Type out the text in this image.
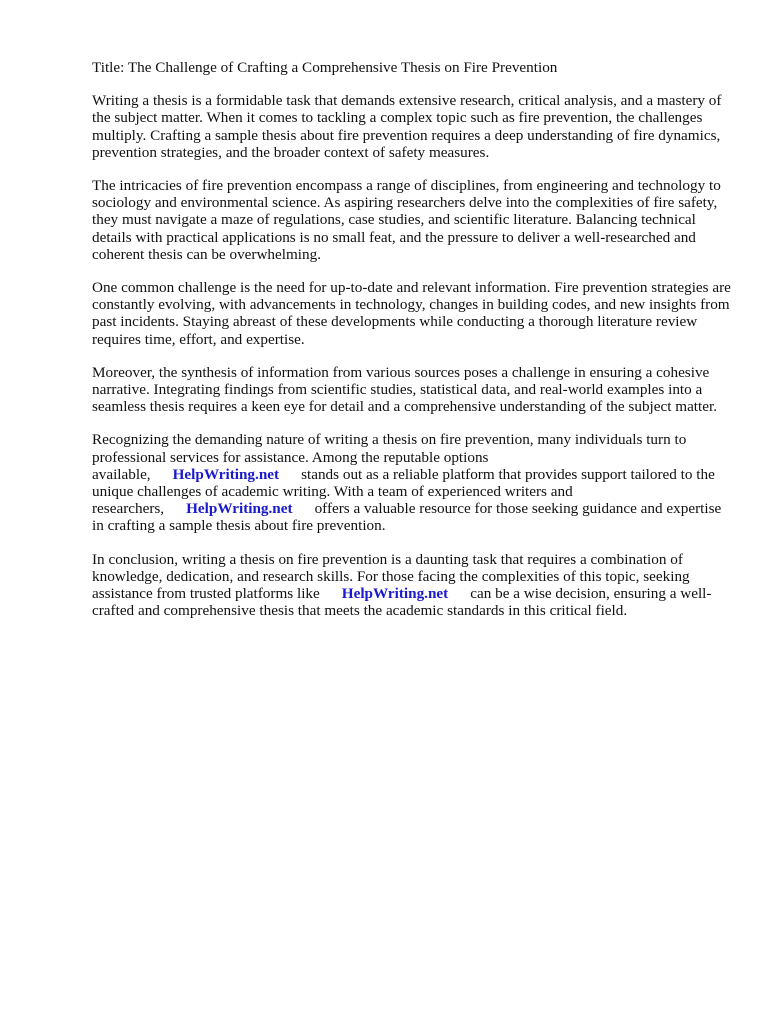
Title: The Challenge of Crafting a Comprehensive Thesis on Fire Prevention

Writing a thesis is a formidable task that demands extensive research, critical analysis, and a mastery of the subject matter. When it comes to tackling a complex topic such as fire prevention, the challenges multiply. Crafting a sample thesis about fire prevention requires a deep understanding of fire dynamics, prevention strategies, and the broader context of safety measures.

The intricacies of fire prevention encompass a range of disciplines, from engineering and technology to sociology and environmental science. As aspiring researchers delve into the complexities of fire safety, they must navigate a maze of regulations, case studies, and scientific literature. Balancing technical details with practical applications is no small feat, and the pressure to deliver a well-researched and coherent thesis can be overwhelming.

One common challenge is the need for up-to-date and relevant information. Fire prevention strategies are constantly evolving, with advancements in technology, changes in building codes, and new insights from past incidents. Staying abreast of these developments while conducting a thorough literature review requires time, effort, and expertise.

Moreover, the synthesis of information from various sources poses a challenge in ensuring a cohesive narrative. Integrating findings from scientific studies, statistical data, and real-world examples into a seamless thesis requires a keen eye for detail and a comprehensive understanding of the subject matter.

Recognizing the demanding nature of writing a thesis on fire prevention, many individuals turn to professional services for assistance. Among the reputable options available, HelpWriting.net stands out as a reliable platform that provides support tailored to the unique challenges of academic writing. With a team of experienced writers and researchers, HelpWriting.net offers a valuable resource for those seeking guidance and expertise in crafting a sample thesis about fire prevention.

In conclusion, writing a thesis on fire prevention is a daunting task that requires a combination of knowledge, dedication, and research skills. For those facing the complexities of this topic, seeking assistance from trusted platforms like HelpWriting.net can be a wise decision, ensuring a well-crafted and comprehensive thesis that meets the academic standards in this critical field.
